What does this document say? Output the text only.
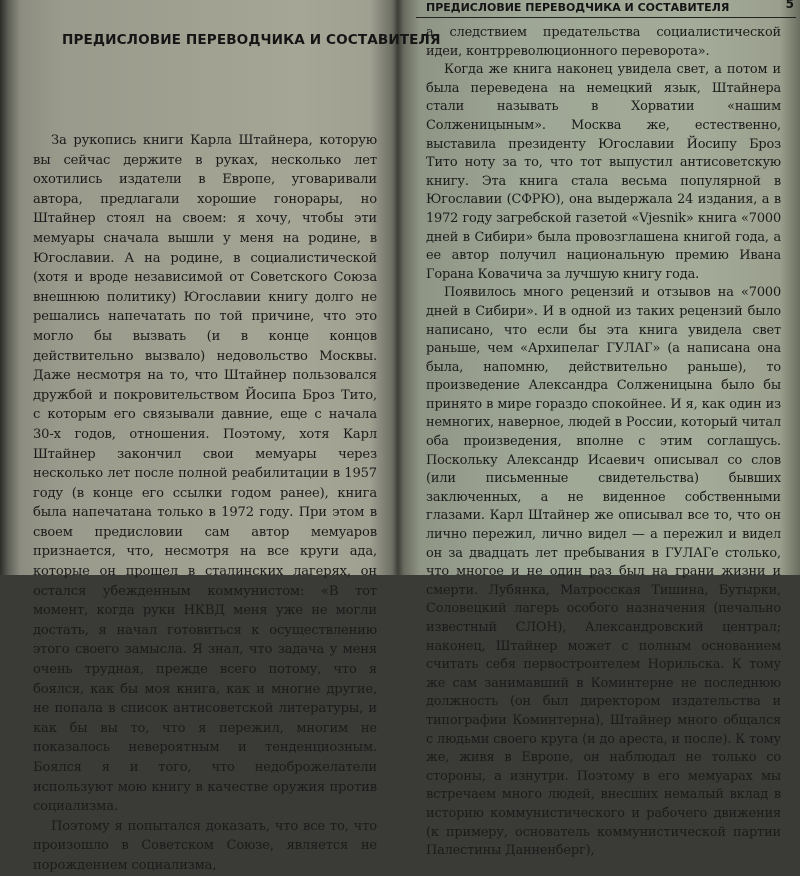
ПРЕДИСЛОВИЕ ПЕРЕВОДЧИКА И СОСТАВИТЕЛЯ

За рукопись книги Карла Штайнера, которую вы сейчас держите в руках, несколько лет охотились издатели в Европе, уговаривали автора, предлагали хорошие гонорары, но Штайнер стоял на своем: я хочу, чтобы эти мемуары сначала вышли у меня на родине, в Югославии. А на родине, в социалистической (хотя и вроде независимой от Советского Союза внешнюю политику) Югославии книгу долго не решались напечатать по той причине, что это могло бы вызвать (и в конце концов действительно вызвало) недовольство Москвы. Даже несмотря на то, что Штайнер пользовался дружбой и покровительством Йосипа Броз Тито, с которым его связывали давние, еще с начала 30-х годов, отношения. Поэтому, хотя Карл Штайнер закончил свои мемуары через несколько лет после полной реабилитации в 1957 году (в конце его ссылки годом ранее), книга была напечатана только в 1972 году. При этом в своем предисловии сам автор мемуаров признается, что, несмотря на все круги ада, которые он прошел в сталинских лагерях, он остался убежденным коммунистом: «В тот момент, когда руки НКВД меня уже не могли достать, я начал готовиться к осуществлению этого своего замысла. Я знал, что задача у меня очень трудная, прежде всего потому, что я боялся, как бы моя книга, как и многие другие, не попала в список антисоветской литературы, и как бы вы то, что я пережил, многим не показалось невероятным и тенденциозным. Боялся я и того, что недоброжелатели используют мою книгу в качестве оружия против социализма.

Поэтому я попытался доказать, что все то, что произошло в Советском Союзе, является не порождением социализма,

ПРЕДИСЛОВИЕ ПЕРЕВОДЧИКА И СОСТАВИТЕЛЯ	5

а следствием предательства социалистической идеи, контрреволюционного переворота».

Когда же книга наконец увидела свет, а потом и была переведена на немецкий язык, Штайнера стали называть в Хорватии «нашим Солженицыным». Москва же, естественно, выставила президенту Югославии Йосипу Броз Тито ноту за то, что тот выпустил антисоветскую книгу. Эта книга стала весьма популярной в Югославии (СФРЮ), она выдержала 24 издания, а в 1972 году загребской газетой «Vjesnik» книга «7000 дней в Сибири» была провозглашена книгой года, а ее автор получил национальную премию Ивана Горана Ковачича за лучшую книгу года.

Появилось много рецензий и отзывов на «7000 дней в Сибири». И в одной из таких рецензий было написано, что если бы эта книга увидела свет раньше, чем «Архипелаг ГУЛАГ» (а написана она была, напомню, действительно раньше), то произведение Александра Солженицына было бы принято в мире гораздо спокойнее. И я, как один из немногих, наверное, людей в России, который читал оба произведения, вполне с этим соглашусь. Поскольку Александр Исаевич описывал со слов (или письменные свидетельства) бывших заключенных, а не виденное собственными глазами. Карл Штайнер же описывал все то, что он лично пережил, лично видел — а пережил и видел он за двадцать лет пребывания в ГУЛАГе столько, что многое и не один раз был на грани жизни и смерти. Лубянка, Матросская Тишина, Бутырки, Соловецкий лагерь особого назначения (печально известный СЛОН), Александровский централ; наконец, Штайнер может с полным основанием считать себя первостроителем Норильска. К тому же сам занимавший в Коминтерне не последнюю должность (он был директором издательства и типографии Коминтерна), Штайнер много общался с людьми своего круга (и до ареста, и после). К тому же, живя в Европе, он наблюдал не только со стороны, а изнутри. Поэтому в его мемуарах мы встречаем много людей, внесших немалый вклад в историю коммунистического и рабочего движения (к примеру, основатель коммунистической партии Палестины Данненберг),
